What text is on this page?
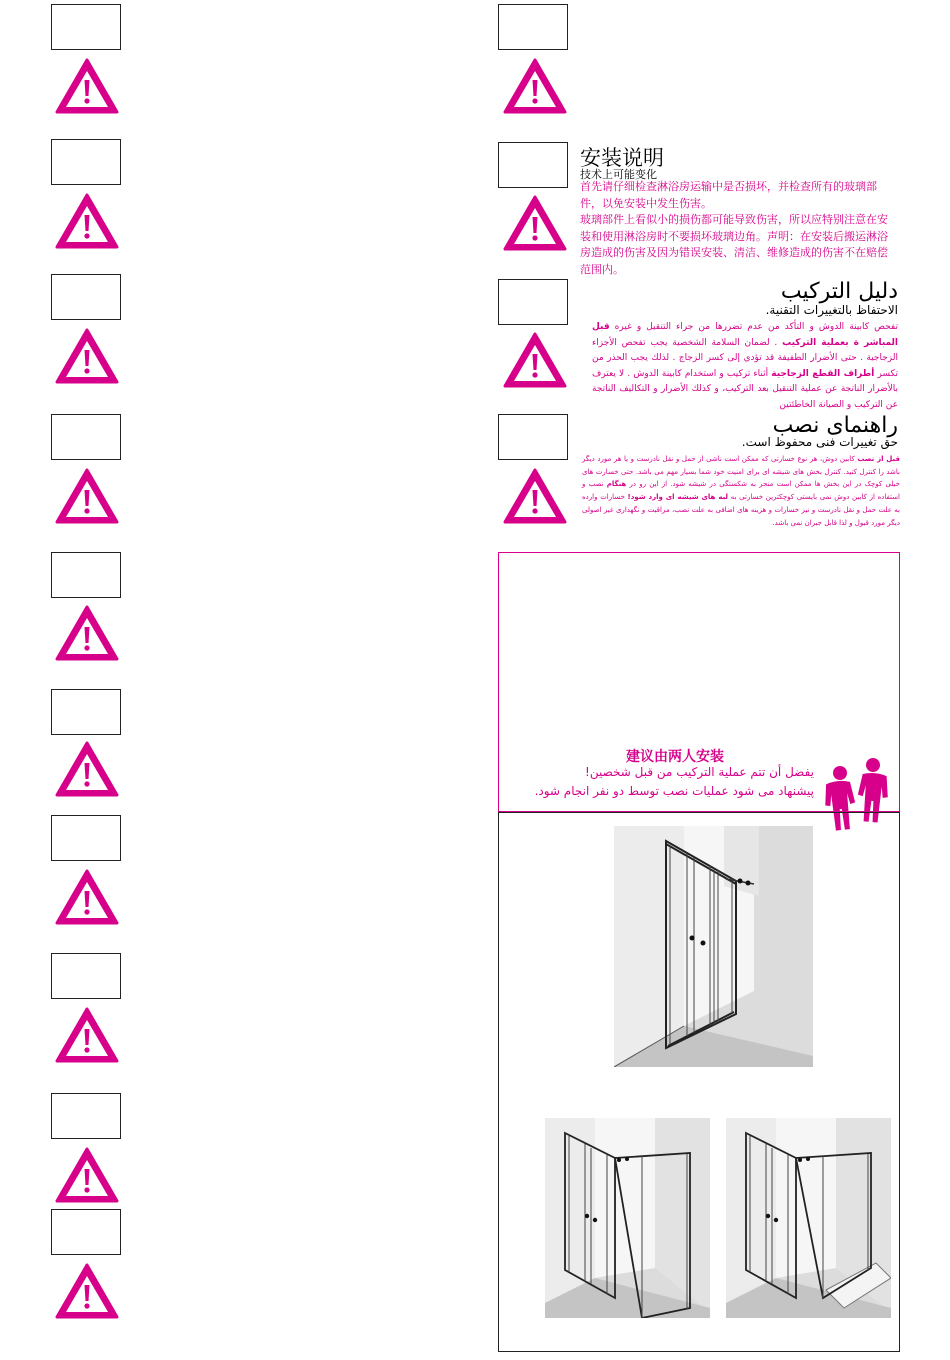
安装说明
技术上可能变化

首先请仔细检查淋浴房运输中是否损坏，并检查所有的玻璃部件，以免安装中发生伤害。

玻璃部件上看似小的损伤都可能导致伤害，所以应特别注意在安装和使用淋浴房时不要损坏玻璃边角。声明：在安装后搬运淋浴房造成的伤害及因为错误安装、清洁、维修造成的伤害不在赔偿范围内。

دليل التركيب
الاحتفاظ بالتغييرات التقنية.
تفحص كابينة الدوش و التأكد من عدم تضررها من جراء التنقيل و غيره قبل المباشر ة بعملية التركيب . لضمان السلامة الشخصية يجب تفحص الأجزاء الزجاجية . حتى الأضرار الطفيفة قد تؤدي إلى كسر الزجاج . لذلك يجب الحذر من تكسر أطراف القطع الزجاجية أثناء تركيب و استخدام كابينة الدوش . لا يعترف بالأضرار الناتجة عن عملية التنقيل بعد التركيب، و كذلك الأضرار و التكاليف الناتجة عن التركيب و الصيانة الخاطئتين
راهنمای نصب
حق تغییرات فنی محفوظ است.
قبل از نصب کابین دوش، هر نوع خسارتی که ممکن است ناشی از حمل و نقل نادرست و یا هر مورد دیگر باشد را کنترل کنید. کنترل بخش های شیشه ای برای امنیت خود شما بسیار مهم می باشد. حتی خسارت های خیلی کوچک در این بخش ها ممکن است منجر به شکستگی در شیشه شود. از این رو در هنگام نصب و استفاده از کابین دوش نمی بایستی کوچکترین خسارتی به لبه های شیشه ای وارد شود! خسارات وارده به علت حمل و نقل نادرست و نیز خسارات و هزینه های اضافی به علت نصب، مراقبت و نگهداری غیر اصولی دیگر مورد قبول و لذا قابل جبران نمی باشد.
建议由两人安装
يفضل أن تتم عملية التركيب من قبل شخصين!
پیشنهاد می شود عملیات نصب توسط دو نفر انجام شود.
